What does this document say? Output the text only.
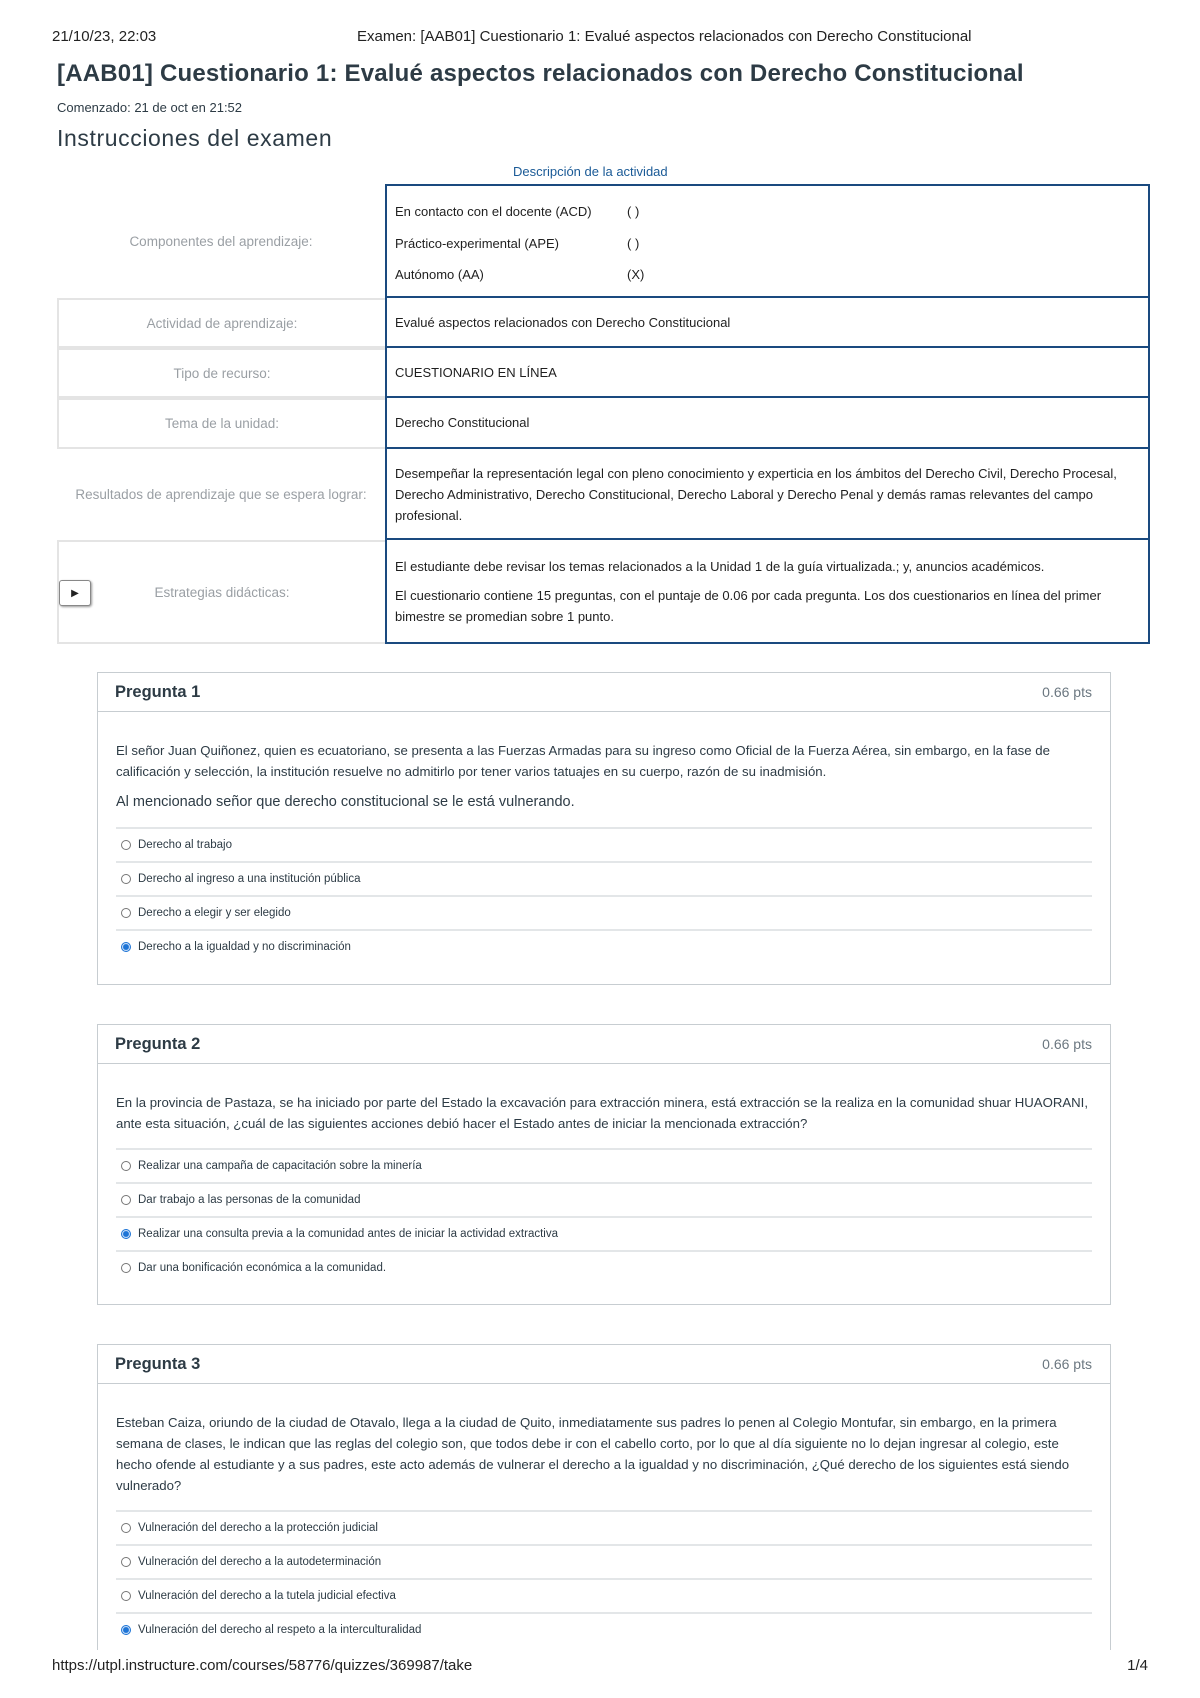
21/10/23, 22:03	Examen: [AAB01] Cuestionario 1: Evalué aspectos relacionados con Derecho Constitucional
[AAB01] Cuestionario 1: Evalué aspectos relacionados con Derecho Constitucional
Comenzado: 21 de oct en 21:52
Instrucciones del examen
Descripción de la actividad
Componentes del aprendizaje:
En contacto con el docente (ACD)	( )
Práctico-experimental (APE)	( )
Autónomo (AA)	(X)
Actividad de aprendizaje:	Evalué aspectos relacionados con Derecho Constitucional
Tipo de recurso:	CUESTIONARIO EN LÍNEA
Tema de la unidad:	Derecho Constitucional
Resultados de aprendizaje que se espera lograr:
Desempeñar la representación legal con pleno conocimiento y experticia en los ámbitos del Derecho Civil, Derecho Procesal, Derecho Administrativo, Derecho Constitucional, Derecho Laboral y Derecho Penal y demás ramas relevantes del campo profesional.
Estrategias didácticas:
▶

El estudiante debe revisar los temas relacionados a la Unidad 1 de la guía virtualizada.; y, anuncios académicos.

El cuestionario contiene 15 preguntas, con el puntaje de 0.06 por cada pregunta. Los dos cuestionarios en línea del primer bimestre se promedian sobre 1 punto.

Pregunta 1	0.66 pts

El señor Juan Quiñonez, quien es ecuatoriano, se presenta a las Fuerzas Armadas para su ingreso como Oficial de la Fuerza Aérea, sin embargo, en la fase de calificación y selección, la institución resuelve no admitirlo por tener varios tatuajes en su cuerpo, razón de su inadmisión.

Al mencionado señor que derecho constitucional se le está vulnerando.

Derecho al trabajo
Derecho al ingreso a una institución pública
Derecho a elegir y ser elegido
Derecho a la igualdad y no discriminación
Pregunta 2	0.66 pts

En la provincia de Pastaza, se ha iniciado por parte del Estado la excavación para extracción minera, está extracción se la realiza en la comunidad shuar HUAORANI, ante esta situación, ¿cuál de las siguientes acciones debió hacer el Estado antes de iniciar la mencionada extracción?

Realizar una campaña de capacitación sobre la minería
Dar trabajo a las personas de la comunidad
Realizar una consulta previa a la comunidad antes de iniciar la actividad extractiva
Dar una bonificación económica a la comunidad.
Pregunta 3	0.66 pts

Esteban Caiza, oriundo de la ciudad de Otavalo, llega a la ciudad de Quito, inmediatamente sus padres lo penen al Colegio Montufar, sin embargo, en la primera semana de clases, le indican que las reglas del colegio son, que todos debe ir con el cabello corto, por lo que al día siguiente no lo dejan ingresar al colegio, este hecho ofende al estudiante y a sus padres, este acto además de vulnerar el derecho a la igualdad y no discriminación, ¿Qué derecho de los siguientes está siendo vulnerado?

Vulneración del derecho a la protección judicial
Vulneración del derecho a la autodeterminación
Vulneración del derecho a la tutela judicial efectiva
Vulneración del derecho al respeto a la interculturalidad
https://utpl.instructure.com/courses/58776/quizzes/369987/take	1/4
